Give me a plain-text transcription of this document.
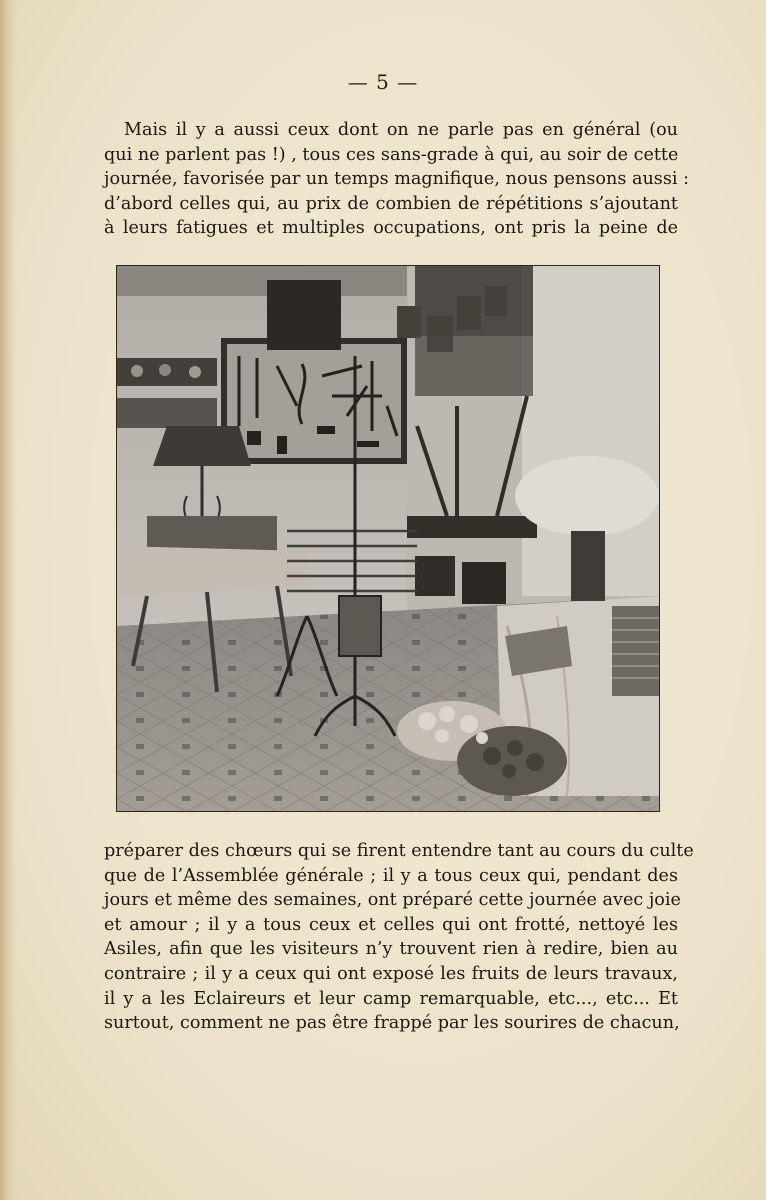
— 5 —

Mais il y a aussi ceux dont on ne parle pas en général (ou
qui ne parlent pas !) , tous ces sans-grade à qui, au soir de cette
journée, favorisée par un temps magnifique, nous pensons aussi :
d’abord celles qui, au prix de combien de répétitions s’ajoutant
à leurs fatigues et multiples occupations, ont pris la peine de

préparer des chœurs qui se firent entendre tant au cours du culte
que de l’Assemblée générale ; il y a tous ceux qui, pendant des
jours et même des semaines, ont préparé cette journée avec joie
et amour ; il y a tous ceux et celles qui ont frotté, nettoyé les
Asiles, afin que les visiteurs n’y trouvent rien à redire, bien au
contraire ; il y a ceux qui ont exposé les fruits de leurs travaux,
il y a les Eclaireurs et leur camp remarquable, etc..., etc... Et
surtout, comment ne pas être frappé par les sourires de chacun,
